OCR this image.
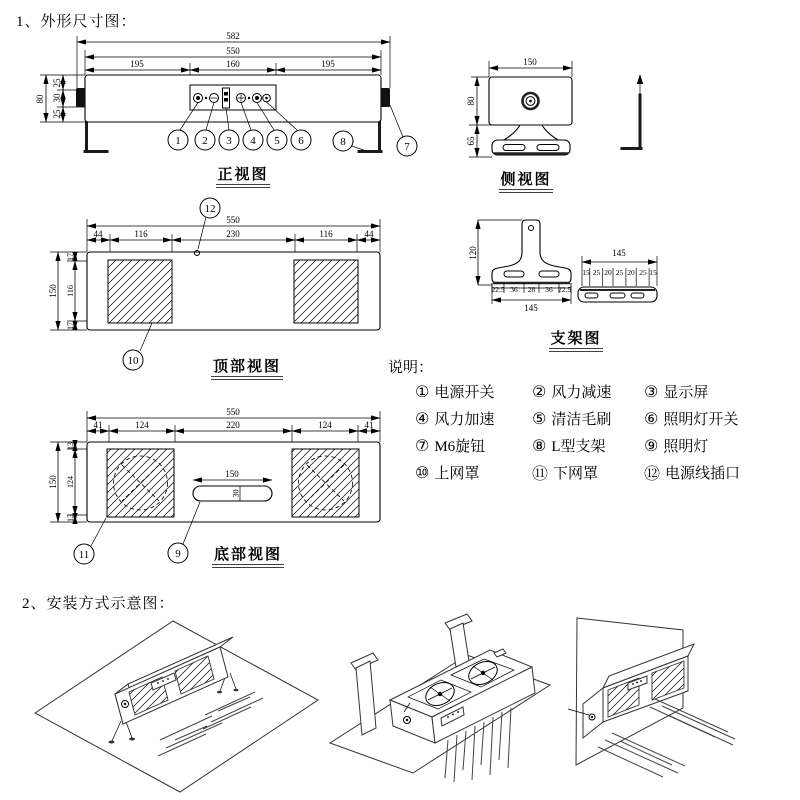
582
550
195	160	195
80
25
30
25
1 2 3 4 5 6	8	7
正视图
150
80
65
侧视图
12
550
44	116	230	116	44
150
17
116
17
10	顶部视图
120
22.5 36 28 36 22.5
145
145
15 25 20 25 20 25 15
支架图
550
41	124	220	124	41
150
13
124
13
150
30
11	9 底部视图
1、外形尺寸图：
2、安装方式示意图：
说明：
① 电源开关 ② 风力减速 ③ 显示屏
④ 风力加速 ⑤ 清洁毛刷 ⑥ 照明灯开关
⑦ M6旋钮	⑧ L型支架 ⑨ 照明灯
⑩ 上网罩	⑪ 下网罩	⑫ 电源线插口
